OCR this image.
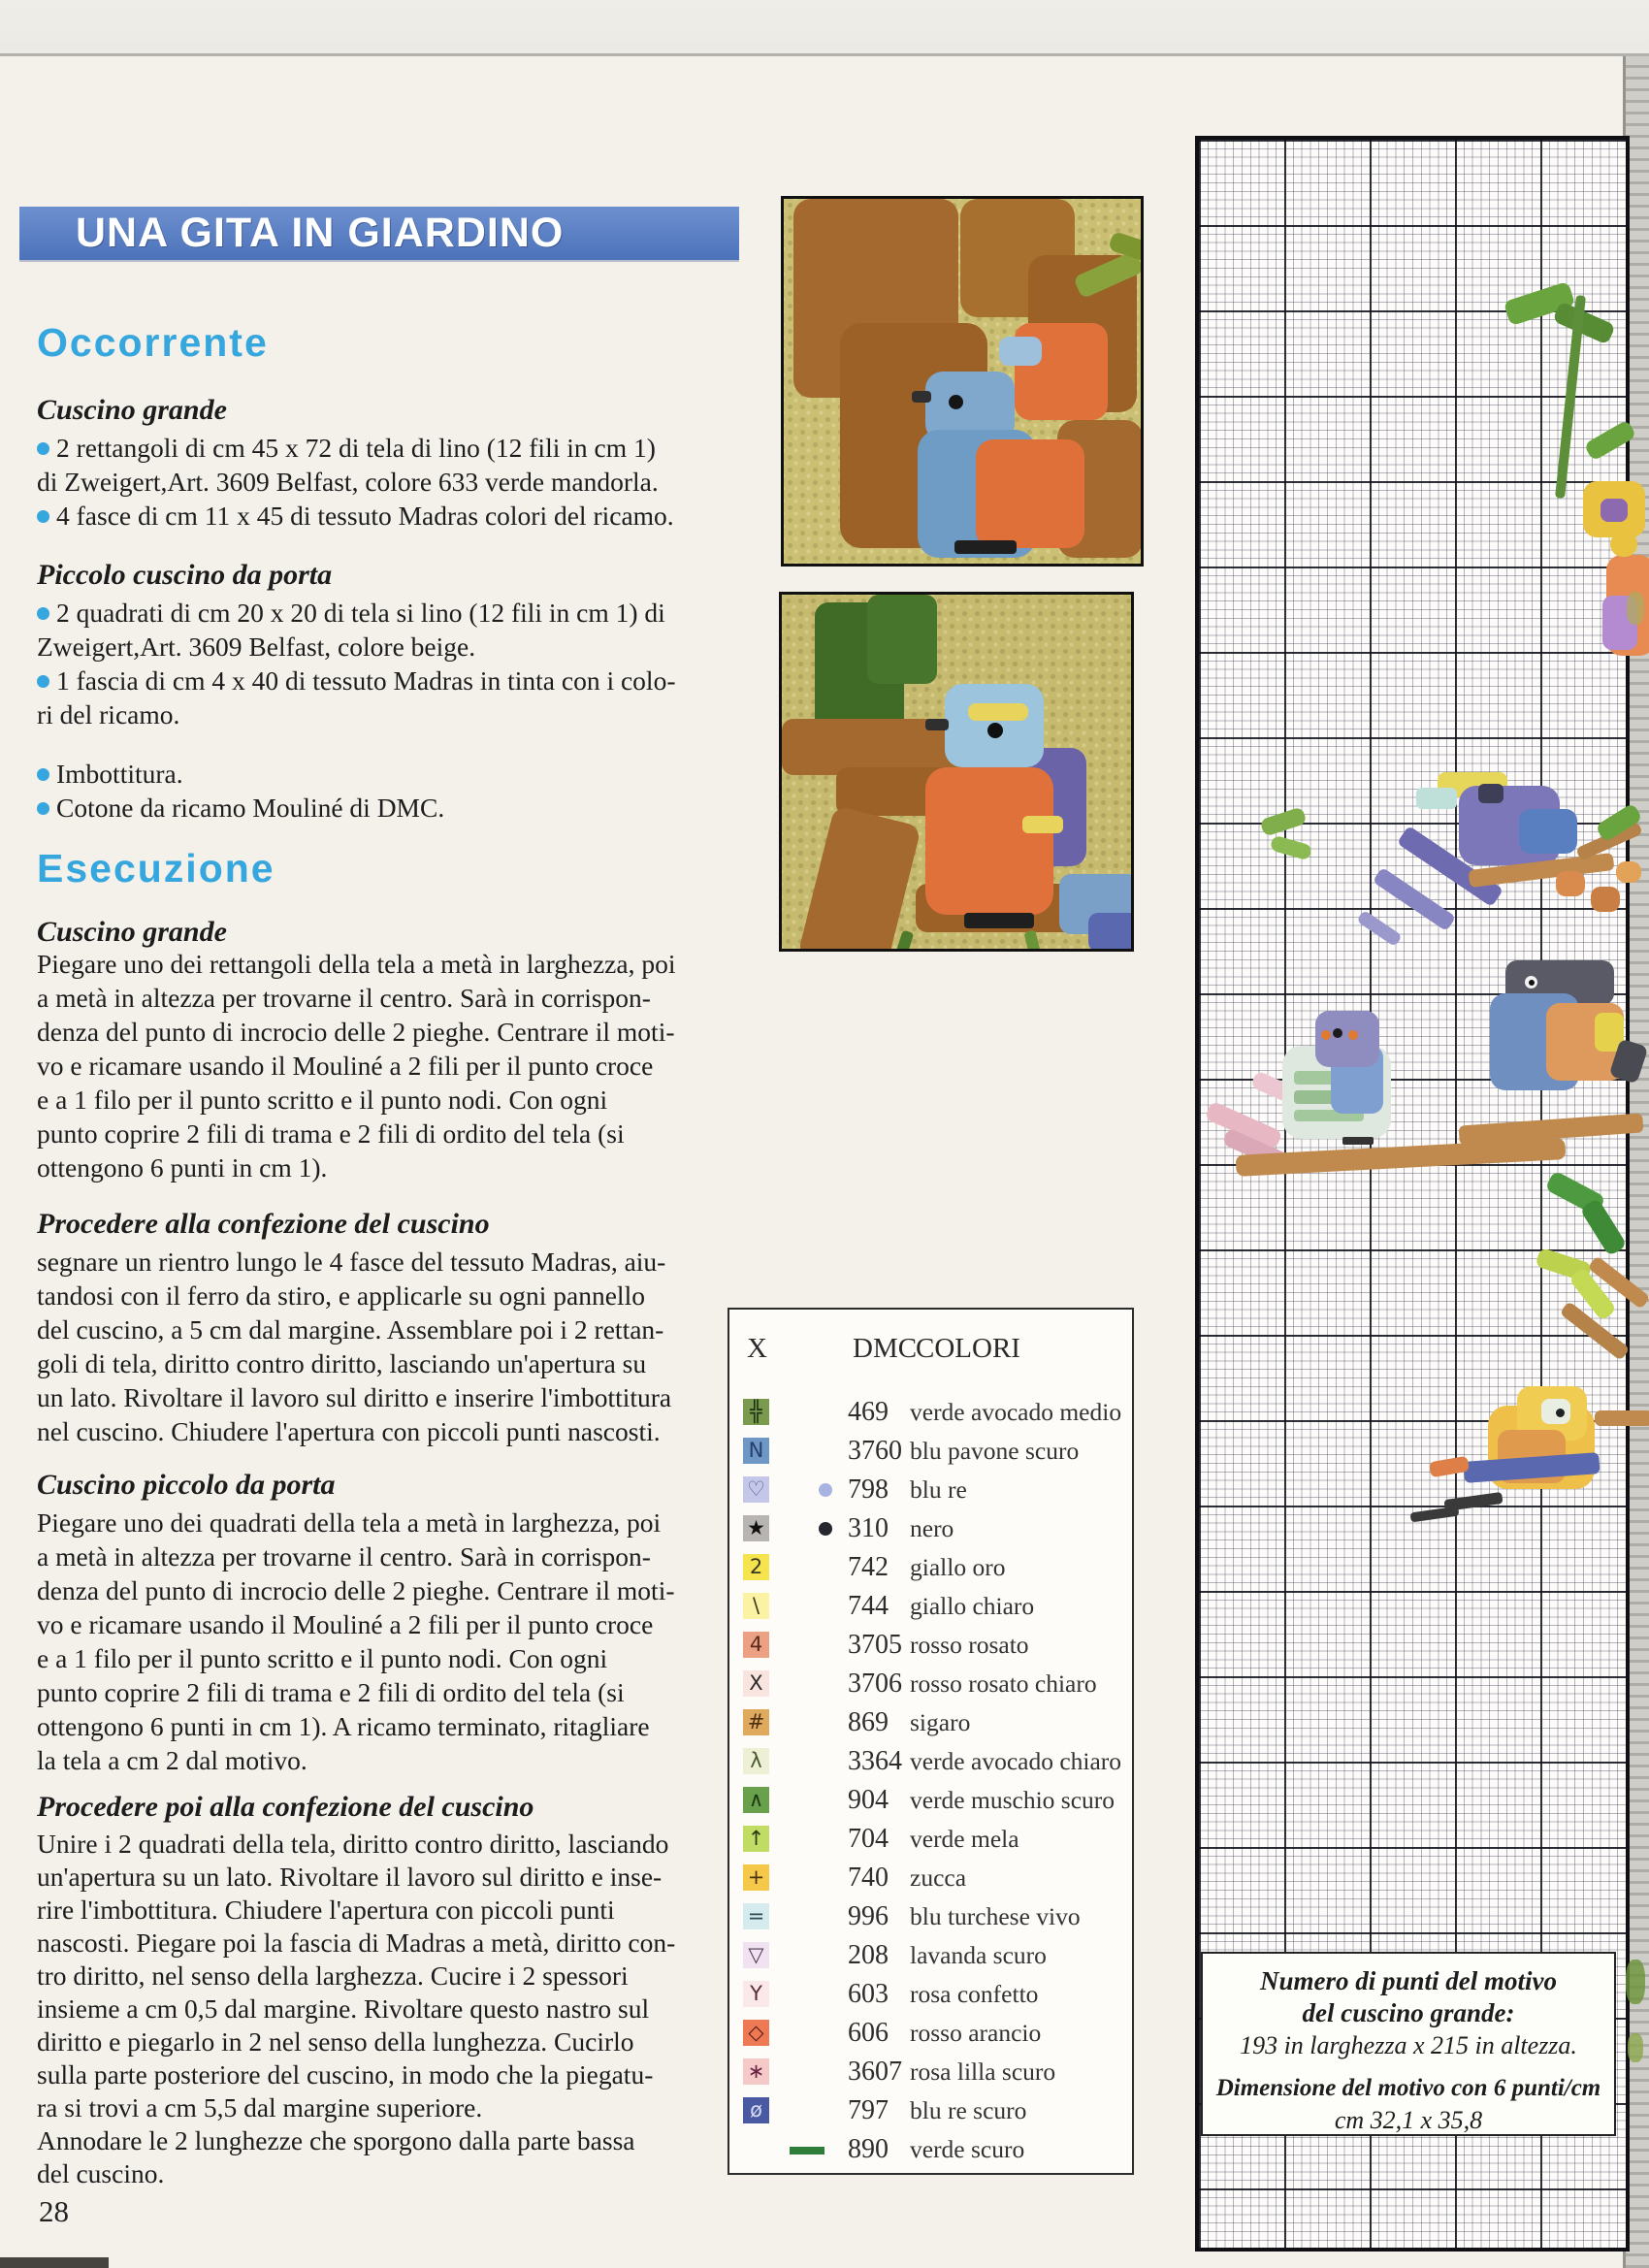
UNA GITA IN GIARDINO
Occorrente
Cuscino grande
2 rettangoli di cm 45 x 72 di tela di lino (12 fili in cm 1)
di Zweigert,Art. 3609 Belfast, colore 633 verde mandorla.
4 fasce di cm 11 x 45 di tessuto Madras colori del ricamo.
Piccolo cuscino da porta
2 quadrati di cm 20 x 20 di tela si lino (12 fili in cm 1) di
Zweigert,Art. 3609 Belfast, colore beige.
1 fascia di cm 4 x 40 di tessuto Madras in tinta con i colo-
ri del ricamo.
Imbottitura.
Cotone da ricamo Mouliné di DMC.
Esecuzione
Cuscino grande
Piegare uno dei rettangoli della tela a metà in larghezza, poi
a metà in altezza per trovarne il centro. Sarà in corrispon-
denza del punto di incrocio delle 2 pieghe. Centrare il moti-
vo e ricamare usando il Mouliné a 2 fili per il punto croce
e a 1 filo per il punto scritto e il punto nodi. Con ogni
punto coprire 2 fili di trama e 2 fili di ordito del tela (si
ottengono 6 punti in cm 1).
Procedere alla confezione del cuscino
segnare un rientro lungo le 4 fasce del tessuto Madras, aiu-
tandosi con il ferro da stiro, e applicarle su ogni pannello
del cuscino, a 5 cm dal margine. Assemblare poi i 2 rettan-
goli di tela, diritto contro diritto, lasciando un'apertura su
un lato. Rivoltare il lavoro sul diritto e inserire l'imbottitura
nel cuscino. Chiudere l'apertura con piccoli punti nascosti.
Cuscino piccolo da porta
Piegare uno dei quadrati della tela a metà in larghezza, poi
a metà in altezza per trovarne il centro. Sarà in corrispon-
denza del punto di incrocio delle 2 pieghe. Centrare il moti-
vo e ricamare usando il Mouliné a 2 fili per il punto croce
e a 1 filo per il punto scritto e il punto nodi. Con ogni
punto coprire 2 fili di trama e 2 fili di ordito del tela (si
ottengono 6 punti in cm 1). A ricamo terminato, ritagliare
la tela a cm 2 dal motivo.
Procedere poi alla confezione del cuscino
Unire i 2 quadrati della tela, diritto contro diritto, lasciando
un'apertura su un lato. Rivoltare il lavoro sul diritto e inse-
rire l'imbottitura. Chiudere l'apertura con piccoli punti
nascosti. Piegare poi la fascia di Madras a metà, diritto con-
tro diritto, nel senso della larghezza. Cucire i 2 spessori
insieme a cm 0,5 dal margine. Rivoltare questo nastro sul
diritto e piegarlo in 2 nel senso della lunghezza. Cucirlo
sulla parte posteriore del cuscino, in modo che la piegatu-
ra si trovi a cm 5,5 dal margine superiore.
Annodare le 2 lunghezze che sporgono dalla parte bassa
del cuscino.
28
X	DMC
COLORI
╬	469 verde avocado medio
N	3760 blu pavone scuro
♡	798 blu re
★	310 nero
2	742 giallo oro
\	744 giallo chiaro
4	3705 rosso rosato
X	3706 rosso rosato chiaro
#	869 sigaro
λ	3364 verde avocado chiaro
∧	904 verde muschio scuro
↑	704 verde mela
+	740 zucca
=	996 blu turchese vivo
▽	208 lavanda scuro
Y	603 rosa confetto
◇	606 rosso arancio
∗	3607 rosa lilla scuro
ø	797 blu re scuro
890 verde scuro
Numero di punti del motivo
del cuscino grande:
193 in larghezza x 215 in altezza.
Dimensione del motivo con 6 punti/cm
cm 32,1 x 35,8
